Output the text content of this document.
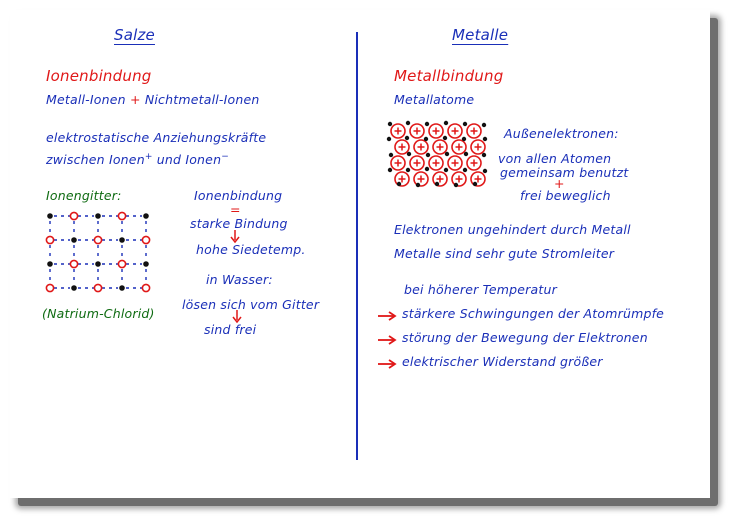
Salze
Ionenbindung
Metall-Ionen + Nichtmetall-Ionen
elektrostatische Anziehungskräfte
zwischen Ionen+ und Ionen−
Ionengitter:
(Natrium-Chlorid)
Ionenbindung
=
starke Bindung
hohe Siedetemp.
in Wasser:
lösen sich vom Gitter
sind frei
Metalle
Metallbindung
Metallatome
Außenelektronen:
von allen Atomen
gemeinsam benutzt
+
frei beweglich
Elektronen ungehindert durch Metall
Metalle sind sehr gute Stromleiter
bei höherer Temperatur
stärkere Schwingungen der Atomrümpfe
störung der Bewegung der Elektronen
elektrischer Widerstand größer
